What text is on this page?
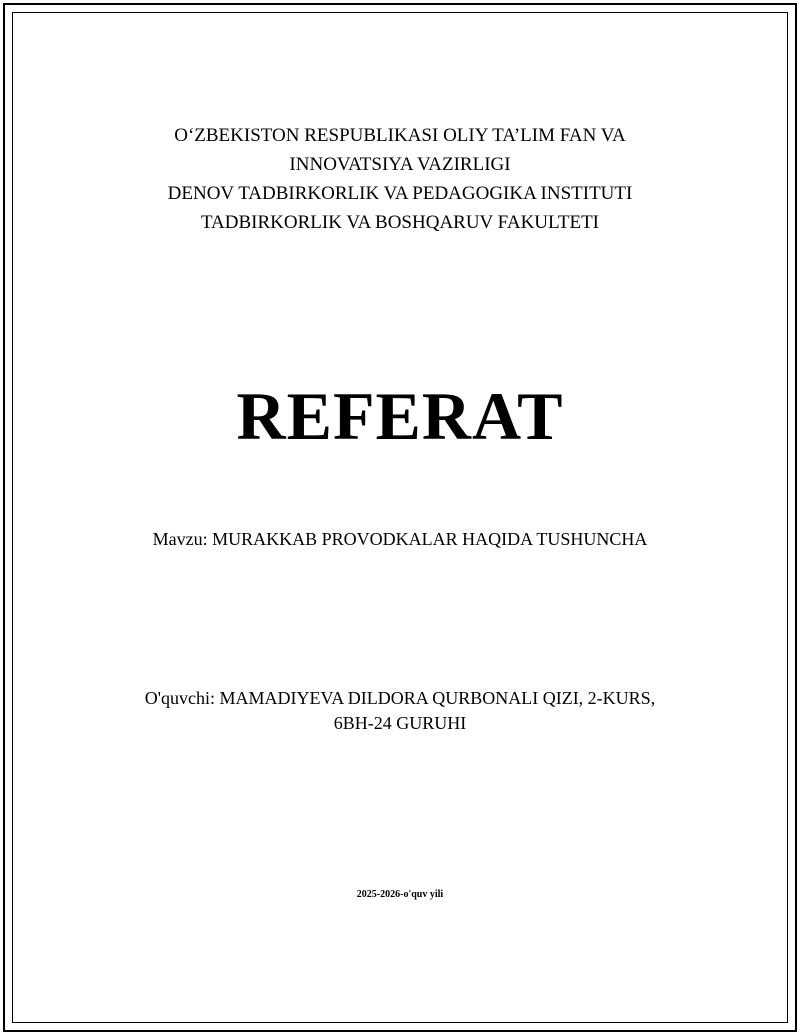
O‘ZBEKISTON RESPUBLIKASI OLIY TA’LIM FAN VA
INNOVATSIYA VAZIRLIGI
DENOV TADBIRKORLIK VA PEDAGOGIKA INSTITUTI
TADBIRKORLIK VA BOSHQARUV FAKULTETI
REFERAT
Mavzu: MURAKKAB PROVODKALAR HAQIDA TUSHUNCHA
O'quvchi: MAMADIYEVA DILDORA QURBONALI QIZI, 2-KURS,
6BH-24 GURUHI
2025-2026-o'quv yili
